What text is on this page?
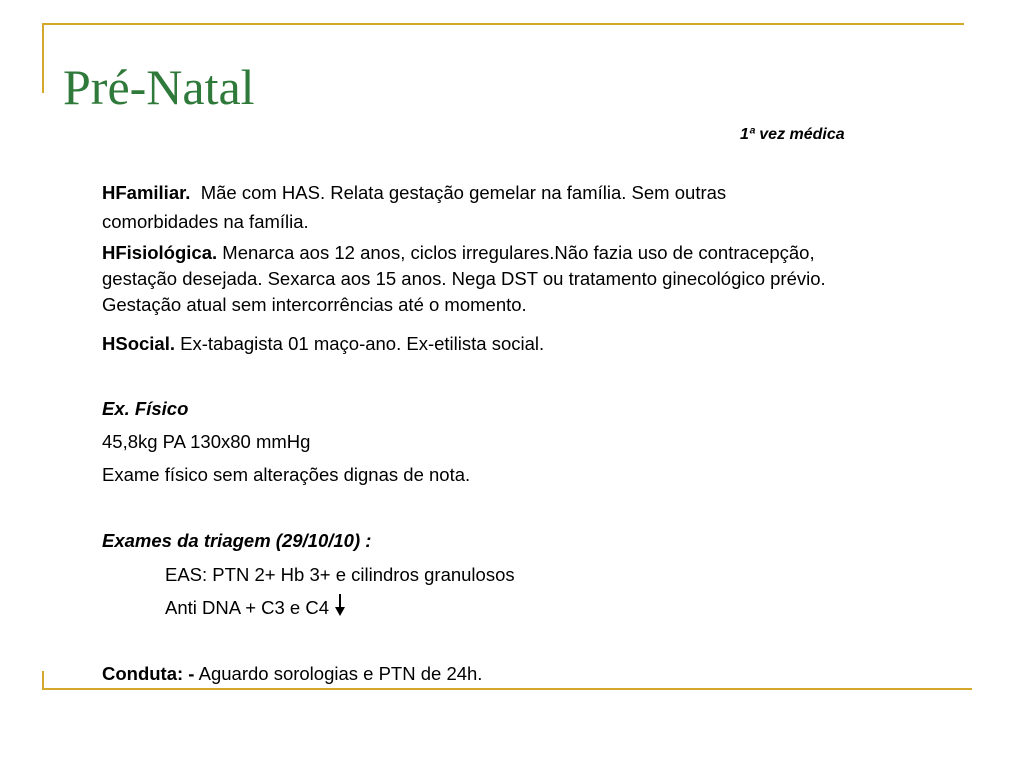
Pré-Natal
1ª vez médica
HFamiliar. Mãe com HAS. Relata gestação gemelar na família. Sem outras
comorbidades na família.
HFisiológica. Menarca aos 12 anos, ciclos irregulares.Não fazia uso de contracepção,
gestação desejada. Sexarca aos 15 anos. Nega DST ou tratamento ginecológico prévio.
Gestação atual sem intercorrências até o momento.
HSocial. Ex-tabagista 01 maço-ano. Ex-etilista social.
Ex. Físico
45,8kg PA 130x80 mmHg
Exame físico sem alterações dignas de nota.
Exames da triagem (29/10/10) :
EAS: PTN 2+ Hb 3+ e cilindros granulosos
Anti DNA + C3 e C4
Conduta: - Aguardo sorologias e PTN de 24h.
